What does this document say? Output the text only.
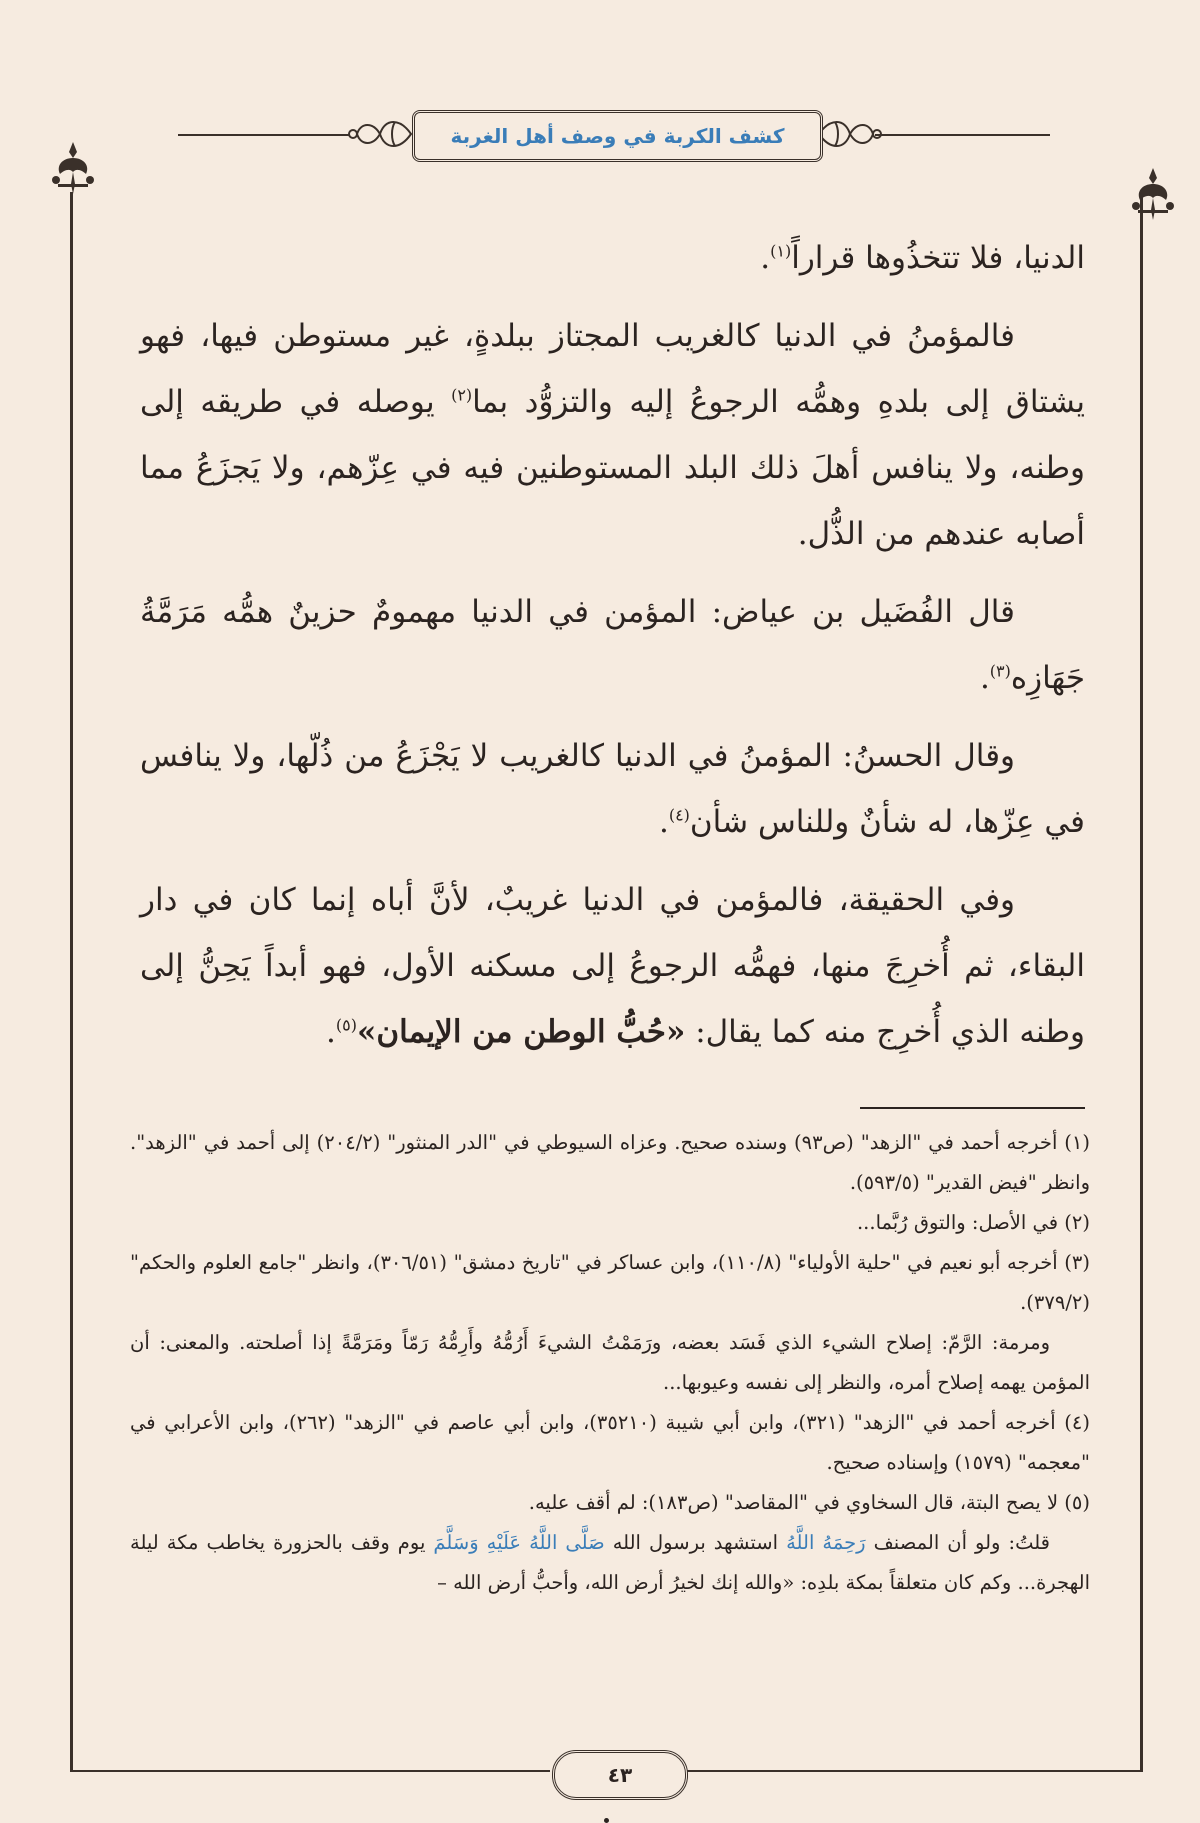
كشف الكربة في وصف أهل الغربة

الدنيا، فلا تتخذُوها قراراً$^{(١)}$.

فالمؤمنُ في الدنيا كالغريب المجتاز ببلدةٍ، غير مستوطن فيها، فهو يشتاق إلى بلدهِ وهمُّه الرجوعُ إليه والتزوُّد بما$^{(٢)}$ يوصله في طريقه إلى وطنه، ولا ينافس أهلَ ذلك البلد المستوطنين فيه في عِزّهم، ولا يَجزَعُ مما أصابه عندهم من الذُّل.

قال الفُضَيل بن عياض: المؤمن في الدنيا مهمومٌ حزينٌ همُّه مَرَمَّةُ جَهَازِه$^{(٣)}$.

وقال الحسنُ: المؤمنُ في الدنيا كالغريب لا يَجْزَعُ من ذُلّها، ولا ينافس في عِزّها، له شأنٌ وللناس شأن$^{(٤)}$.

وفي الحقيقة، فالمؤمن في الدنيا غريبٌ، لأنَّ أباه إنما كان في دار البقاء، ثم أُخرِجَ منها، فهمُّه الرجوعُ إلى مسكنه الأول، فهو أبداً يَحِنُّ إلى وطنه الذي أُخرِج منه كما يقال: «حُبُّ الوطن من الإيمان»$^{(٥)}$.

(١) أخرجه أحمد في "الزهد" (ص٩٣) وسنده صحيح. وعزاه السيوطي في "الدر المنثور" (٢٠٤/٢) إلى أحمد في "الزهد". وانظر "فيض القدير" (٥٩٣/٥).

(٢) في الأصل: والتوق رُبَّما...

(٣) أخرجه أبو نعيم في "حلية الأولياء" (١١٠/٨)، وابن عساكر في "تاريخ دمشق" (٣٠٦/٥١)، وانظر "جامع العلوم والحكم" (٣٧٩/٢).

ومرمة: الرَّمّ: إصلاح الشيء الذي فَسَد بعضه، ورَمَمْتُ الشيءَ أَرُمُّهُ وأَرِمُّهُ رَمّاً ومَرَمَّةً إذا أصلحته. والمعنى: أن المؤمن يهمه إصلاح أمره، والنظر إلى نفسه وعيوبها...

(٤) أخرجه أحمد في "الزهد" (٣٢١)، وابن أبي شيبة (٣٥٢١٠)، وابن أبي عاصم في "الزهد" (٢٦٢)، وابن الأعرابي في "معجمه" (١٥٧٩) وإسناده صحيح.

(٥) لا يصح البتة، قال السخاوي في "المقاصد" (ص١٨٣): لم أقف عليه.

قلتُ: ولو أن المصنف رَحِمَهُ اللَّهُ استشهد برسول الله صَلَّى اللَّهُ عَلَيْهِ وَسَلَّمَ يوم وقف بالحزورة يخاطب مكة ليلة الهجرة... وكم كان متعلقاً بمكة بلدِه: «والله إنك لخيرُ أرض الله، وأحبُّ أرض الله –

٤٣
